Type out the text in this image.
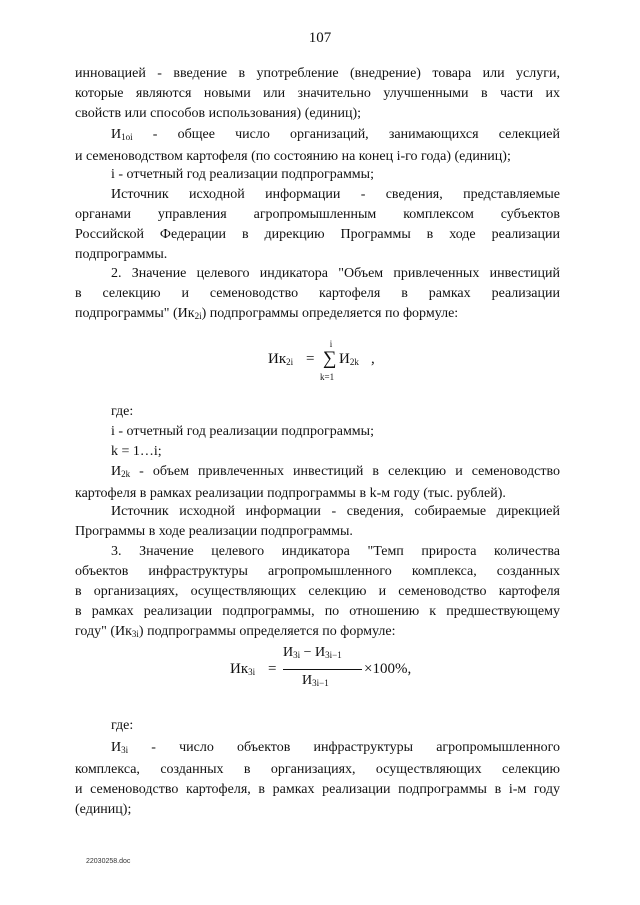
107
инновацией - введение в употребление (внедрение) товара или услуги,
которые являются новыми или значительно улучшенными в части их
свойств или способов использования) (единиц);
$И_{1oi}$ - общее число организаций, занимающихся селекцией
и семеноводством картофеля (по состоянию на конец i-го года) (единиц);
i - отчетный год реализации подпрограммы;
Источник исходной информации - сведения, представляемые
органами управления агропромышленным комплексом субъектов
Российской Федерации в дирекцию Программы в ходе реализации
подпрограммы.
2. Значение целевого индикатора "Объем привлеченных инвестиций
в селекцию и семеноводство картофеля в рамках реализации
подпрограммы" $(Ик_{2i})$ подпрограммы определяется по формуле:
$Ик_{2i}$ =
i
∑
k=1
$И_{2k}$ ,
где:
i - отчетный год реализации подпрограммы;
k = 1…i;
$И_{2k}$ - объем привлеченных инвестиций в селекцию и семеноводство
картофеля в рамках реализации подпрограммы в k-м году (тыс. рублей).
Источник исходной информации - сведения, собираемые дирекцией
Программы в ходе реализации подпрограммы.
3. Значение целевого индикатора "Темп прироста количества
объектов инфраструктуры агропромышленного комплекса, созданных
в организациях, осуществляющих селекцию и семеноводство картофеля
в рамках реализации подпрограммы, по отношению к предшествующему
году" $(Ик_{3i})$ подпрограммы определяется по формуле:
$Ик_{3i}$ =
$И_{3i} - И_{3i-1}$
$И_{3i-1}$
×100%,
где:
$И_{3i}$ - число объектов инфраструктуры агропромышленного
комплекса, созданных в организациях, осуществляющих селекцию
и семеноводство картофеля, в рамках реализации подпрограммы в i-м году
(единиц);
22030258.doc
